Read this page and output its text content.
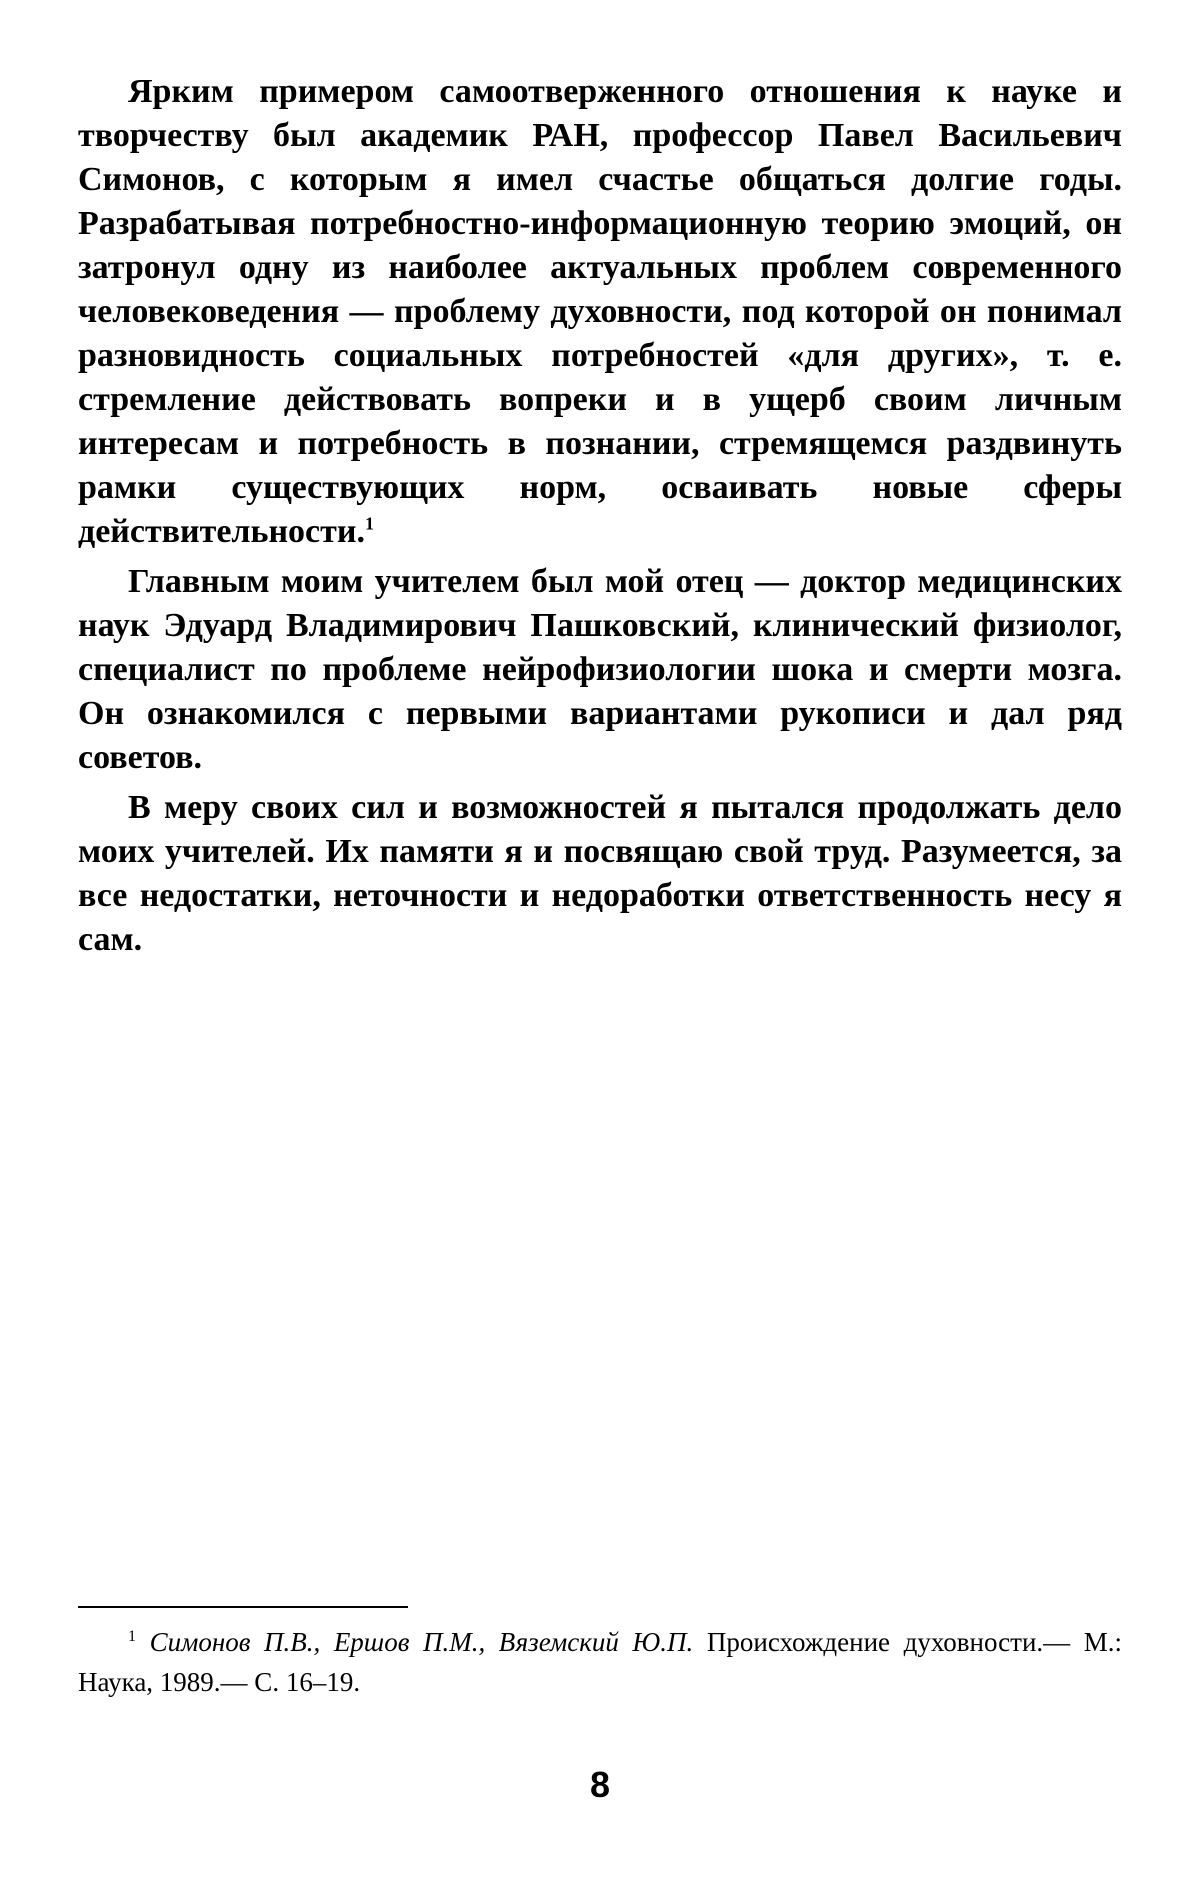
Ярким примером самоотверженного отношения к науке и творчеству был академик РАН, профессор Павел Васильевич Симонов, с которым я имел счастье общаться долгие годы. Разрабатывая потребностно-информационную теорию эмоций, он затронул одну из наиболее актуальных проблем современного человековедения — проблему духовности, под которой он понимал разновидность социальных потребностей «для других», т. е. стремление действовать вопреки и в ущерб своим личным интересам и потребность в познании, стремящемся раздвинуть рамки существующих норм, осваивать новые сферы действительности.$^1$

Главным моим учителем был мой отец — доктор медицинских наук Эдуард Владимирович Пашковский, клинический физиолог, специалист по проблеме нейрофизиологии шока и смерти мозга. Он ознакомился с первыми вариантами рукописи и дал ряд советов.

В меру своих сил и возможностей я пытался продолжать дело моих учителей. Их памяти я и посвящаю свой труд. Разумеется, за все недостатки, неточности и недоработки ответственность несу я сам.

$^1$ Симонов П.В., Ершов П.М., Вяземский Ю.П. Происхождение духовности.— М.: Наука, 1989.— С. 16–19.

8
